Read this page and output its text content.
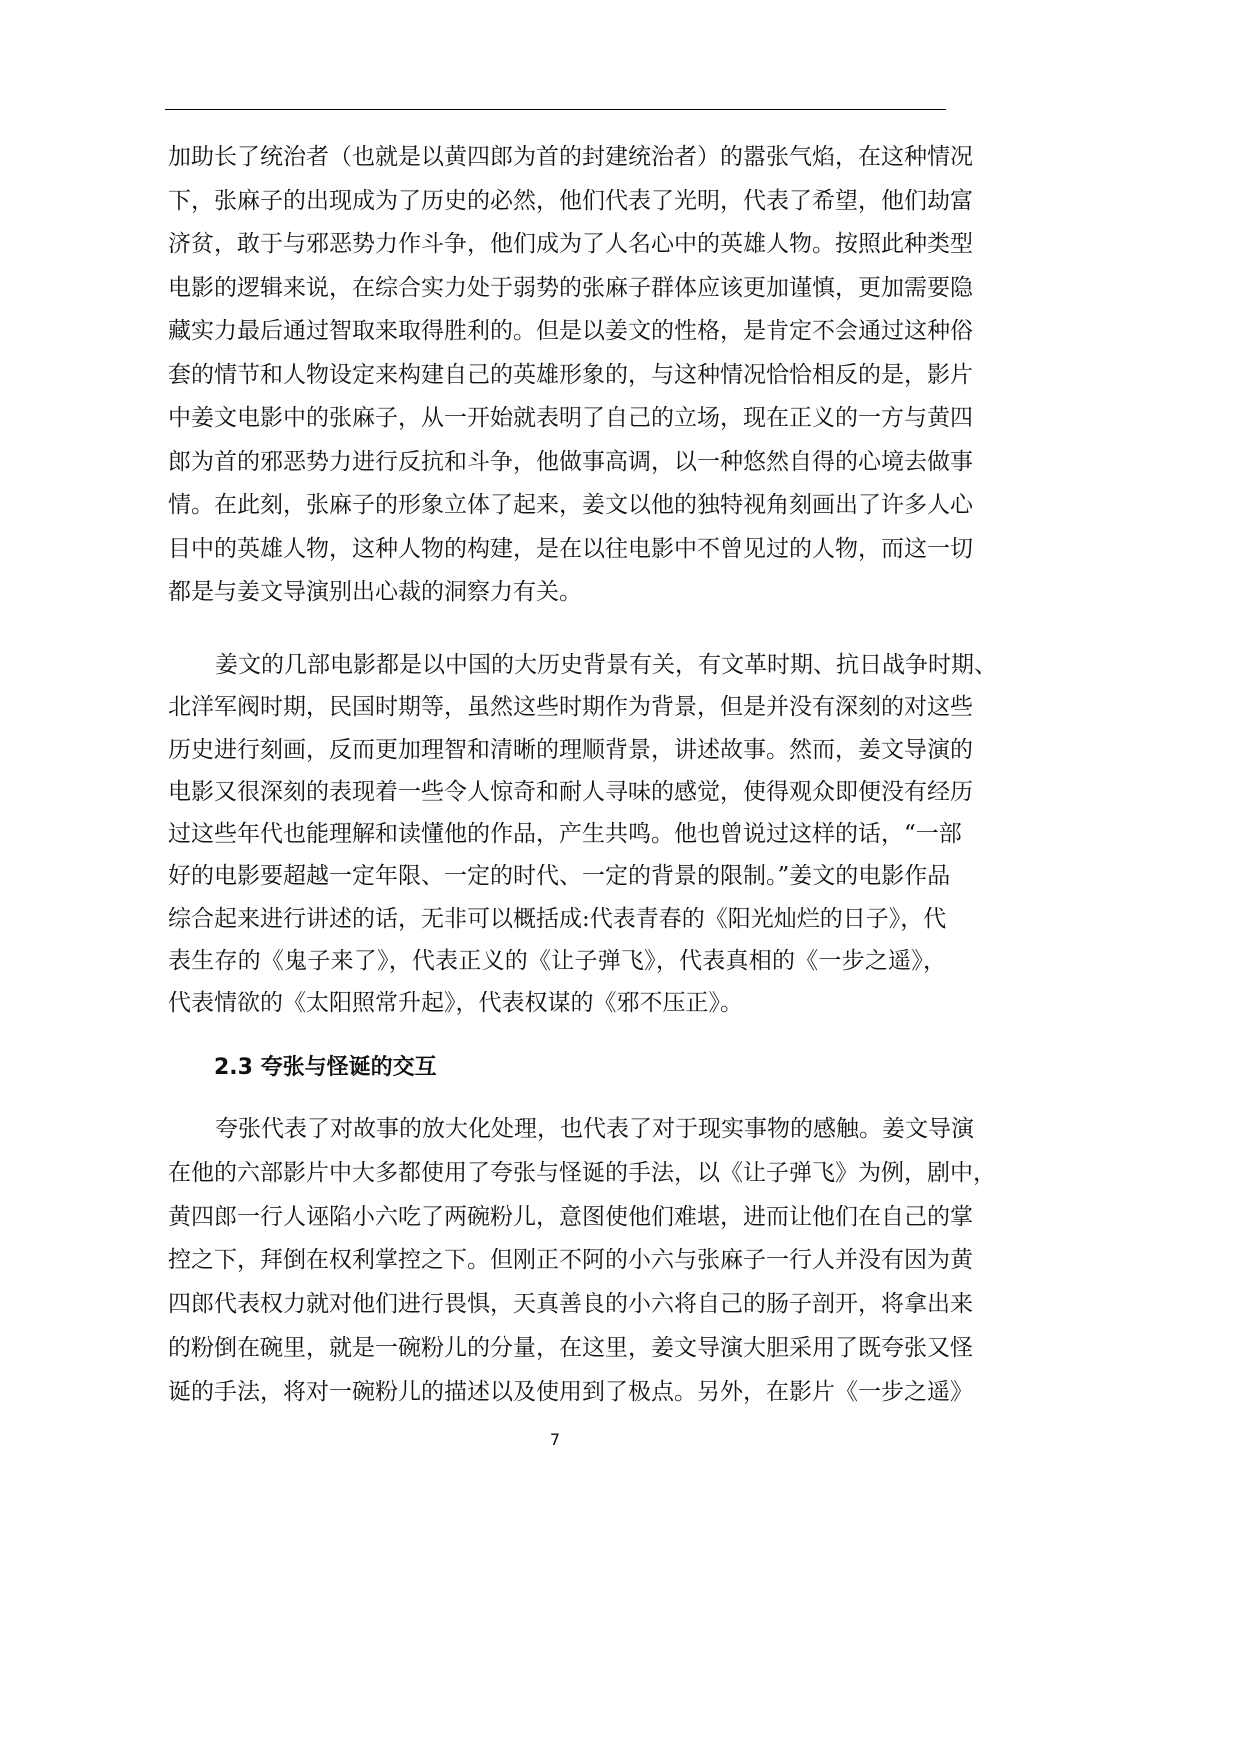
加助长了统治者（也就是以黄四郎为首的封建统治者）的嚣张气焰，在这种情况
下，张麻子的出现成为了历史的必然，他们代表了光明，代表了希望，他们劫富
济贫，敢于与邪恶势力作斗争，他们成为了人名心中的英雄人物。按照此种类型
电影的逻辑来说，在综合实力处于弱势的张麻子群体应该更加谨慎，更加需要隐
藏实力最后通过智取来取得胜利的。但是以姜文的性格，是肯定不会通过这种俗
套的情节和人物设定来构建自己的英雄形象的，与这种情况恰恰相反的是，影片
中姜文电影中的张麻子，从一开始就表明了自己的立场，现在正义的一方与黄四
郎为首的邪恶势力进行反抗和斗争，他做事高调，以一种悠然自得的心境去做事
情。在此刻，张麻子的形象立体了起来，姜文以他的独特视角刻画出了许多人心
目中的英雄人物，这种人物的构建，是在以往电影中不曾见过的人物，而这一切
都是与姜文导演别出心裁的洞察力有关。
姜文的几部电影都是以中国的大历史背景有关，有文革时期、抗日战争时期、
北洋军阀时期，民国时期等，虽然这些时期作为背景，但是并没有深刻的对这些
历史进行刻画，反而更加理智和清晰的理顺背景，讲述故事。然而，姜文导演的
电影又很深刻的表现着一些令人惊奇和耐人寻味的感觉，使得观众即便没有经历
过这些年代也能理解和读懂他的作品，产生共鸣。他也曾说过这样的话，“一部
好的电影要超越一定年限、一定的时代、一定的背景的限制。”姜文的电影作品
综合起来进行讲述的话，无非可以概括成:代表青春的《阳光灿烂的日子》，代
表生存的《鬼子来了》，代表正义的《让子弹飞》，代表真相的《一步之遥》，
代表情欲的《太阳照常升起》，代表权谋的《邪不压正》。
2.3 夸张与怪诞的交互
夸张代表了对故事的放大化处理，也代表了对于现实事物的感触。姜文导演
在他的六部影片中大多都使用了夸张与怪诞的手法，以《让子弹飞》为例，剧中，
黄四郎一行人诬陷小六吃了两碗粉儿，意图使他们难堪，进而让他们在自己的掌
控之下，拜倒在权利掌控之下。但刚正不阿的小六与张麻子一行人并没有因为黄
四郎代表权力就对他们进行畏惧，天真善良的小六将自己的肠子剖开，将拿出来
的粉倒在碗里，就是一碗粉儿的分量，在这里，姜文导演大胆采用了既夸张又怪
诞的手法，将对一碗粉儿的描述以及使用到了极点。另外，在影片《一步之遥》
7
